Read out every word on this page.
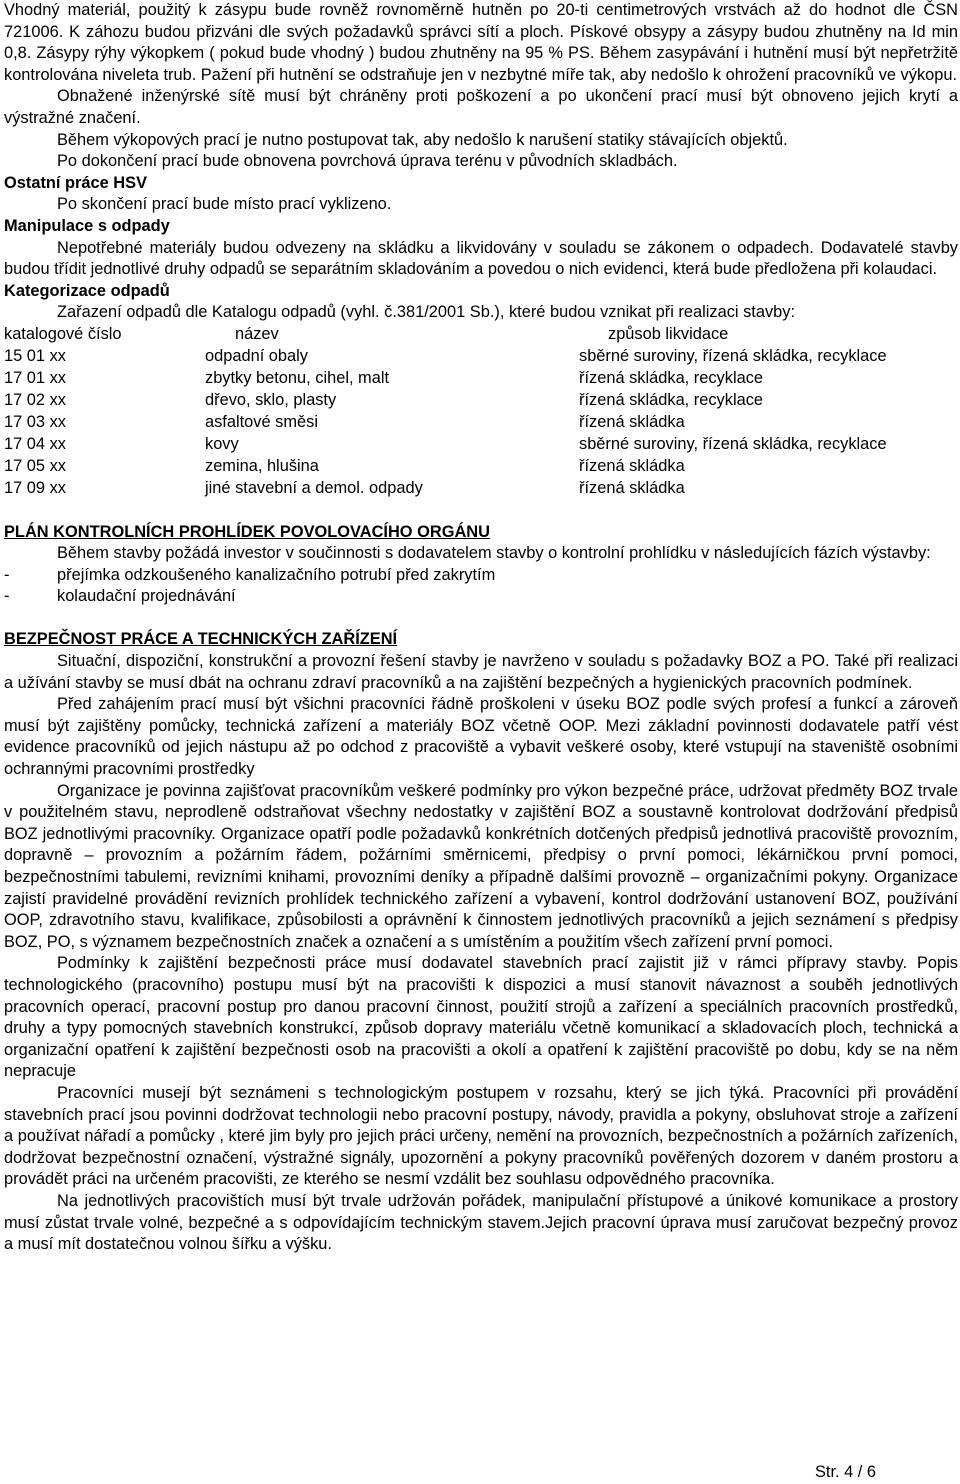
Vhodný materiál, použitý k zásypu bude rovněž rovnoměrně hutněn po 20-ti centimetrových vrstvách až do hodnot dle ČSN 721006. K záhozu budou přizváni dle svých požadavků správci sítí a ploch. Pískové obsypy a zásypy budou zhutněny na Id min 0,8. Zásypy rýhy výkopkem ( pokud bude vhodný ) budou zhutněny na 95 % PS. Během zasypávání i hutnění musí být nepřetržitě kontrolována niveleta trub. Pažení při hutnění se odstraňuje jen v nezbytné míře tak, aby nedošlo k ohrožení pracovníků ve výkopu.

Obnažené inženýrské sítě musí být chráněny proti poškození a po ukončení prací musí být obnoveno jejich krytí a výstražné značení.

Během výkopových prací je nutno postupovat tak, aby nedošlo k narušení statiky stávajících objektů.

Po dokončení prací bude obnovena povrchová úprava terénu v původních skladbách.

Ostatní práce HSV

Po skončení prací bude místo prací vyklizeno.

Manipulace s odpady

Nepotřebné materiály budou odvezeny na skládku a likvidovány v souladu se zákonem o odpadech. Dodavatelé stavby budou třídit jednotlivé druhy odpadů se separátním skladováním a povedou o nich evidenci, která bude předložena při kolaudaci.

Kategorizace odpadů

Zařazení odpadů dle Katalogu odpadů (vyhl. č.381/2001 Sb.), které budou vznikat při realizaci stavby:

katalogové číslo	název	způsob likvidace
15 01 xx	odpadní obaly	sběrné suroviny, řízená skládka, recyklace
17 01 xx	zbytky betonu, cihel, malt	řízená skládka, recyklace
17 02 xx	dřevo, sklo, plasty	řízená skládka, recyklace
17 03 xx	asfaltové směsi	řízená skládka
17 04 xx	kovy	sběrné suroviny, řízená skládka, recyklace
17 05 xx	zemina, hlušina	řízená skládka
17 09 xx	jiné stavební a demol. odpady	řízená skládka
PLÁN KONTROLNÍCH PROHLÍDEK POVOLOVACÍHO ORGÁNU

Během stavby požádá investor v součinnosti s dodavatelem stavby o kontrolní prohlídku v následujících fázích výstavby:

-	přejímka odzkoušeného kanalizačního potrubí před zakrytím
-	kolaudační projednávání
BEZPEČNOST PRÁCE A TECHNICKÝCH ZAŘÍZENÍ

Situační, dispoziční, konstrukční a provozní řešení stavby je navrženo v souladu s požadavky BOZ a PO. Také při realizaci a užívání stavby se musí dbát na ochranu zdraví pracovníků a na zajištění bezpečných a hygienických pracovních podmínek.

Před zahájením prací musí být všichni pracovníci řádně proškoleni v úseku BOZ podle svých profesí a funkcí a zároveň musí být zajištěny pomůcky, technická zařízení a materiály BOZ včetně OOP. Mezi základní povinnosti dodavatele patří vést evidence pracovníků od jejich nástupu až po odchod z pracoviště a vybavit veškeré osoby, které vstupují na staveniště osobními ochrannými pracovními prostředky

Organizace je povinna zajišťovat pracovníkům veškeré podmínky pro výkon bezpečné práce, udržovat předměty BOZ trvale v použitelném stavu, neprodleně odstraňovat všechny nedostatky v zajištění BOZ a soustavně kontrolovat dodržování předpisů BOZ jednotlivými pracovníky. Organizace opatří podle požadavků konkrétních dotčených předpisů jednotlivá pracoviště provozním, dopravně – provozním a požárním řádem, požárními směrnicemi, předpisy o první pomoci, lékárničkou první pomoci, bezpečnostními tabulemi, revizními knihami, provozními deníky a případně dalšími provozně – organizačními pokyny. Organizace zajistí pravidelné provádění revizních prohlídek technického zařízení a vybavení, kontrol dodržování ustanovení BOZ, používání OOP, zdravotního stavu, kvalifikace, způsobilosti a oprávnění k činnostem jednotlivých pracovníků a jejich seznámení s předpisy BOZ, PO, s významem bezpečnostních značek a označení a s umístěním a použitím všech zařízení první pomoci.

Podmínky k zajištění bezpečnosti práce musí dodavatel stavebních prací zajistit již v rámci přípravy stavby. Popis technologického (pracovního) postupu musí být na pracovišti k dispozici a musí stanovit návaznost a souběh jednotlivých pracovních operací, pracovní postup pro danou pracovní činnost, použití strojů a zařízení a speciálních pracovních prostředků, druhy a typy pomocných stavebních konstrukcí, způsob dopravy materiálu včetně komunikací a skladovacích ploch, technická a organizační opatření k zajištění bezpečnosti osob na pracovišti a okolí a opatření k zajištění pracoviště po dobu, kdy se na něm nepracuje

Pracovníci musejí být seznámeni s technologickým postupem v rozsahu, který se jich týká. Pracovníci při provádění stavebních prací jsou povinni dodržovat technologii nebo pracovní postupy, návody, pravidla a pokyny, obsluhovat stroje a zařízení a používat nářadí a pomůcky , které jim byly pro jejich práci určeny, nemění na provozních, bezpečnostních a požárních zařízeních, dodržovat bezpečnostní označení, výstražné signály, upozornění a pokyny pracovníků pověřených dozorem v daném prostoru a provádět práci na určeném pracovišti, ze kterého se nesmí vzdálit bez souhlasu odpovědného pracovníka.

Na jednotlivých pracovištích musí být trvale udržován pořádek, manipulační přístupové a únikové komunikace a prostory musí zůstat trvale volné, bezpečné a s odpovídajícím technickým stavem.Jejich pracovní úprava musí zaručovat bezpečný provoz a musí mít dostatečnou volnou šířku a výšku.

Str. 4 / 6
